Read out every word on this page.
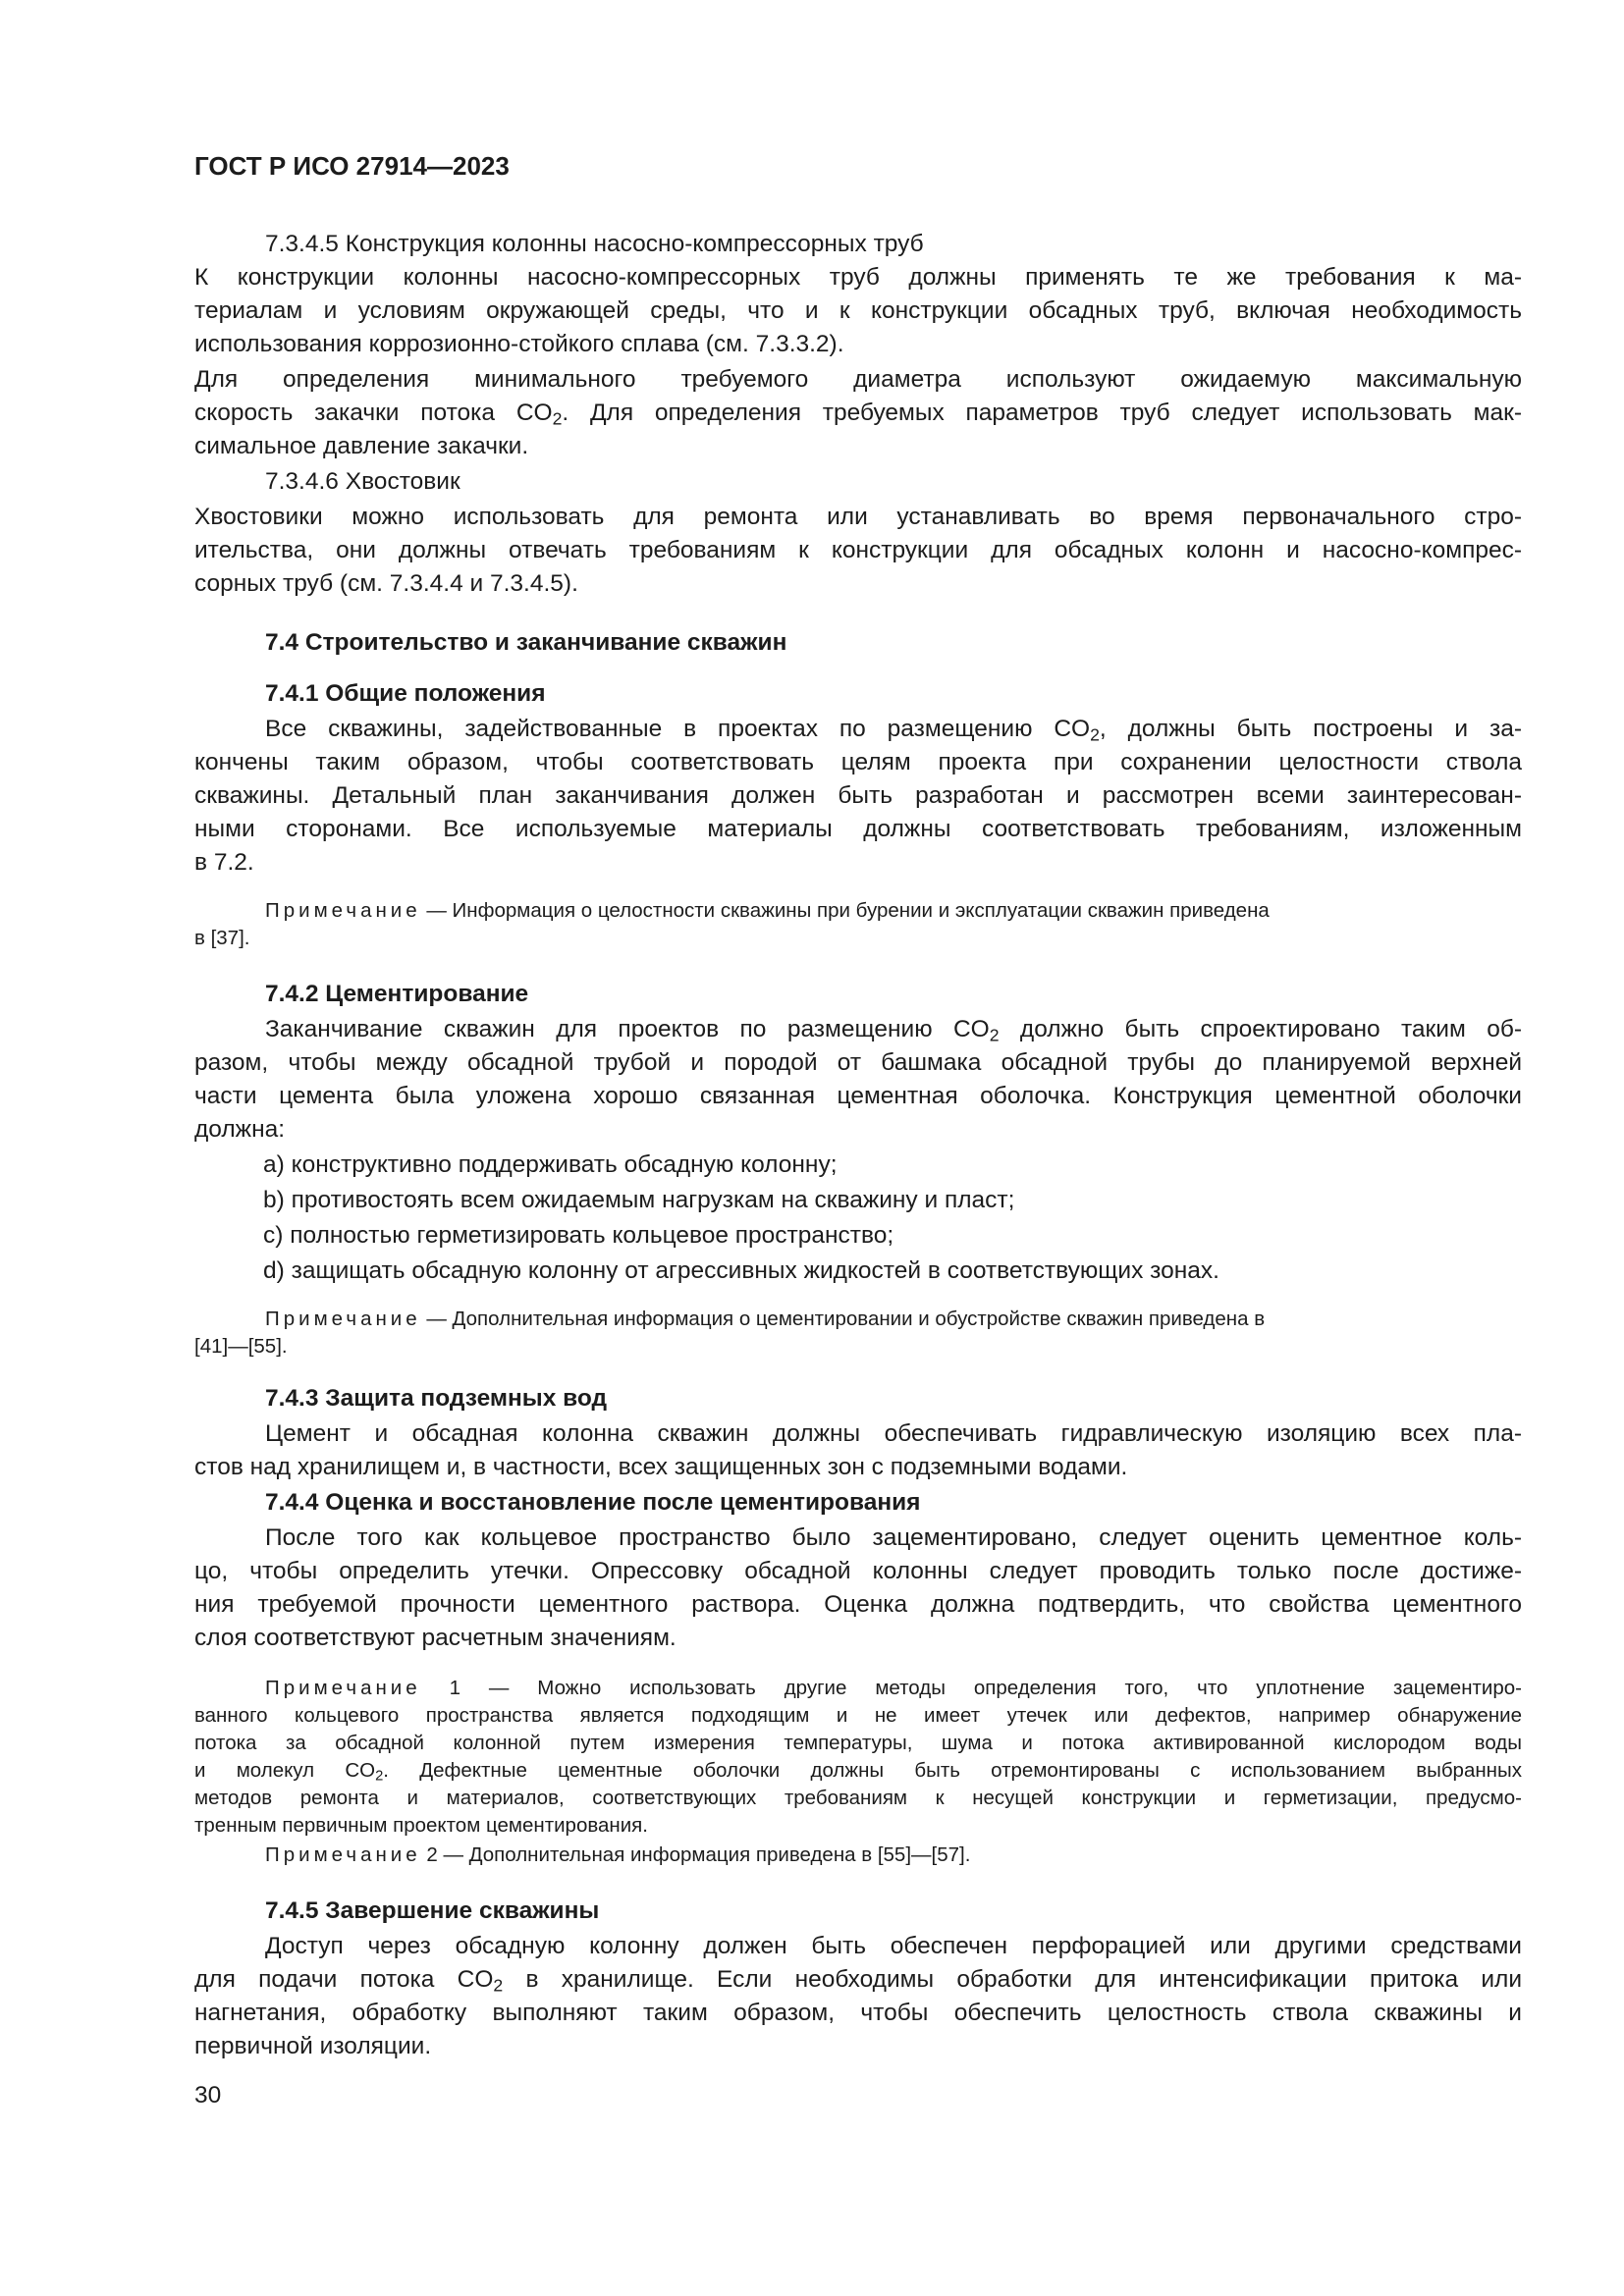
ГОСТ Р ИСО 27914—2023
7.3.4.5 Конструкция колонны насосно-компрессорных труб
К конструкции колонны насосно-компрессорных труб должны применять те же требования к ма-
териалам и условиям окружающей среды, что и к конструкции обсадных труб, включая необходимость
использования коррозионно-стойкого сплава (см. 7.3.3.2).
Для определения минимального требуемого диаметра используют ожидаемую максимальную
скорость закачки потока $CO_2$. Для определения требуемых параметров труб следует использовать мак-
симальное давление закачки.
7.3.4.6 Хвостовик
Хвостовики можно использовать для ремонта или устанавливать во время первоначального стро-
ительства, они должны отвечать требованиям к конструкции для обсадных колонн и насосно-компрес-
сорных труб (см. 7.3.4.4 и 7.3.4.5).
7.4 Строительство и заканчивание скважин
7.4.1 Общие положения
Все скважины, задействованные в проектах по размещению $CO_2$, должны быть построены и за-
кончены таким образом, чтобы соответствовать целям проекта при сохранении целостности ствола
скважины. Детальный план заканчивания должен быть разработан и рассмотрен всеми заинтересован-
ными сторонами. Все используемые материалы должны соответствовать требованиям, изложенным
в 7.2.
Примечание — Информация о целостности скважины при бурении и эксплуатации скважин приведена
в [37].
7.4.2 Цементирование
Заканчивание скважин для проектов по размещению $CO_2$ должно быть спроектировано таким об-
разом, чтобы между обсадной трубой и породой от башмака обсадной трубы до планируемой верхней
части цемента была уложена хорошо связанная цементная оболочка. Конструкция цементной оболочки
должна:
a) конструктивно поддерживать обсадную колонну;
b) противостоять всем ожидаемым нагрузкам на скважину и пласт;
c) полностью герметизировать кольцевое пространство;
d) защищать обсадную колонну от агрессивных жидкостей в соответствующих зонах.
Примечание — Дополнительная информация о цементировании и обустройстве скважин приведена в
[41]—[55].
7.4.3 Защита подземных вод
Цемент и обсадная колонна скважин должны обеспечивать гидравлическую изоляцию всех пла-
стов над хранилищем и, в частности, всех защищенных зон с подземными водами.
7.4.4 Оценка и восстановление после цементирования
После того как кольцевое пространство было зацементировано, следует оценить цементное коль-
цо, чтобы определить утечки. Опрессовку обсадной колонны следует проводить только после достиже-
ния требуемой прочности цементного раствора. Оценка должна подтвердить, что свойства цементного
слоя соответствуют расчетным значениям.
Примечание 1 — Можно использовать другие методы определения того, что уплотнение зацементиро-
ванного кольцевого пространства является подходящим и не имеет утечек или дефектов, например обнаружение
потока за обсадной колонной путем измерения температуры, шума и потока активированной кислородом воды
и молекул $CO_2$. Дефектные цементные оболочки должны быть отремонтированы с использованием выбранных
методов ремонта и материалов, соответствующих требованиям к несущей конструкции и герметизации, предусмо-
тренным первичным проектом цементирования.
Примечание 2 — Дополнительная информация приведена в [55]—[57].
7.4.5 Завершение скважины
Доступ через обсадную колонну должен быть обеспечен перфорацией или другими средствами
для подачи потока $CO_2$ в хранилище. Если необходимы обработки для интенсификации притока или
нагнетания, обработку выполняют таким образом, чтобы обеспечить целостность ствола скважины и
первичной изоляции.
30
